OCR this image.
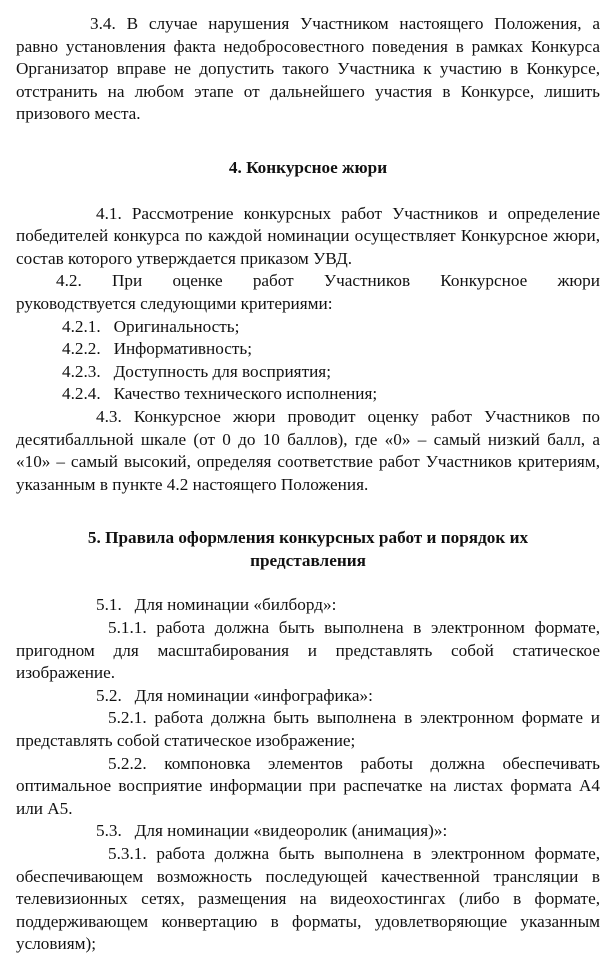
3.4. В случае нарушения Участником настоящего Положения, а равно установления факта недобросовестного поведения в рамках Конкурса Организатор вправе не допустить такого Участника к участию в Конкурсе, отстранить на любом этапе от дальнейшего участия в Конкурсе, лишить призового места.

4. Конкурсное жюри

4.1. Рассмотрение конкурсных работ Участников и определение победителей конкурса по каждой номинации осуществляет Конкурсное жюри, состав которого утверждается приказом УВД.

4.2. При оценке работ Участников Конкурсное жюри
руководствуется следующими критериями:
4.2.1. Оригинальность;
4.2.2. Информативность;
4.2.3. Доступность для восприятия;
4.2.4. Качество технического исполнения;

4.3. Конкурсное жюри проводит оценку работ Участников по десятибалльной шкале (от 0 до 10 баллов), где «0» – самый низкий балл, а «10» – самый высокий, определяя соответствие работ Участников критериям, указанным в пункте 4.2 настоящего Положения.

5. Правила оформления конкурсных работ и порядок их

представления

5.1. Для номинации «билборд»:

5.1.1. работа должна быть выполнена в электронном формате, пригодном для масштабирования и представлять собой статическое изображение.

5.2. Для номинации «инфографика»:

5.2.1. работа должна быть выполнена в электронном формате и представлять собой статическое изображение;

5.2.2. компоновка элементов работы должна обеспечивать оптимальное восприятие информации при распечатке на листах формата А4 или А5.

5.3. Для номинации «видеоролик (анимация)»:

5.3.1. работа должна быть выполнена в электронном формате, обеспечивающем возможность последующей качественной трансляции в телевизионных сетях, размещения на видеохостингах (либо в формате, поддерживающем конвертацию в форматы, удовлетворяющие указанным условиям);
